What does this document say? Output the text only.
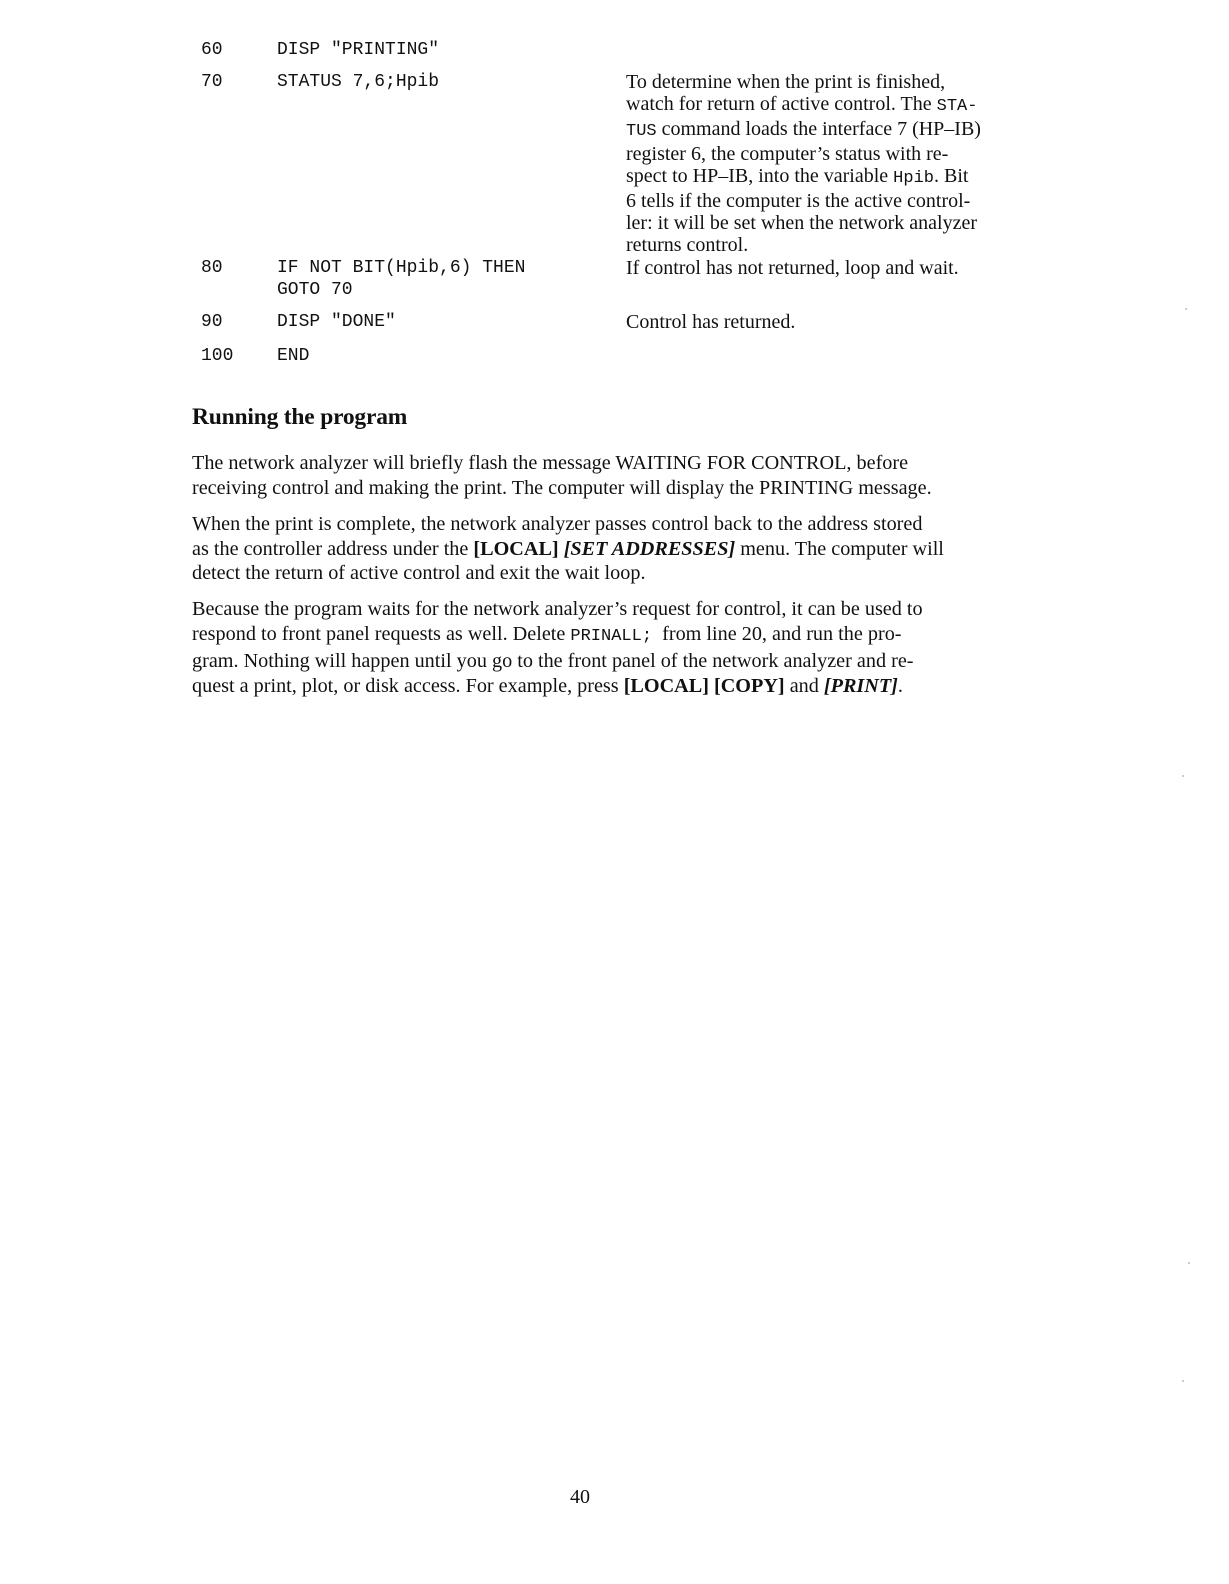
60	DISP "PRINTING"
70	STATUS 7,6;Hpib	To determine when the print is finished,
watch for return of active control. The STA-
TUS command loads the interface 7 (HP–IB)
register 6, the computer’s status with re-
spect to HP–IB, into the variable Hpib. Bit
6 tells if the computer is the active control-
ler: it will be set when the network analyzer
returns control.
80	IF NOT BIT(Hpib,6) THEN
GOTO 70
If control has not returned, loop and wait.
90	DISP "DONE"	Control has returned.
100 END
Running the program
The network analyzer will briefly flash the message WAITING FOR CONTROL, before
receiving control and making the print. The computer will display the PRINTING message.
When the print is complete, the network analyzer passes control back to the address stored
as the controller address under the [LOCAL] [SET ADDRESSES] menu. The computer will
detect the return of active control and exit the wait loop.
Because the program waits for the network analyzer’s request for control, it can be used to
respond to front panel requests as well. Delete PRINALL;  from line 20, and run the pro-
gram. Nothing will happen until you go to the front panel of the network analyzer and re-
quest a print, plot, or disk access. For example, press [LOCAL] [COPY] and [PRINT].
40
